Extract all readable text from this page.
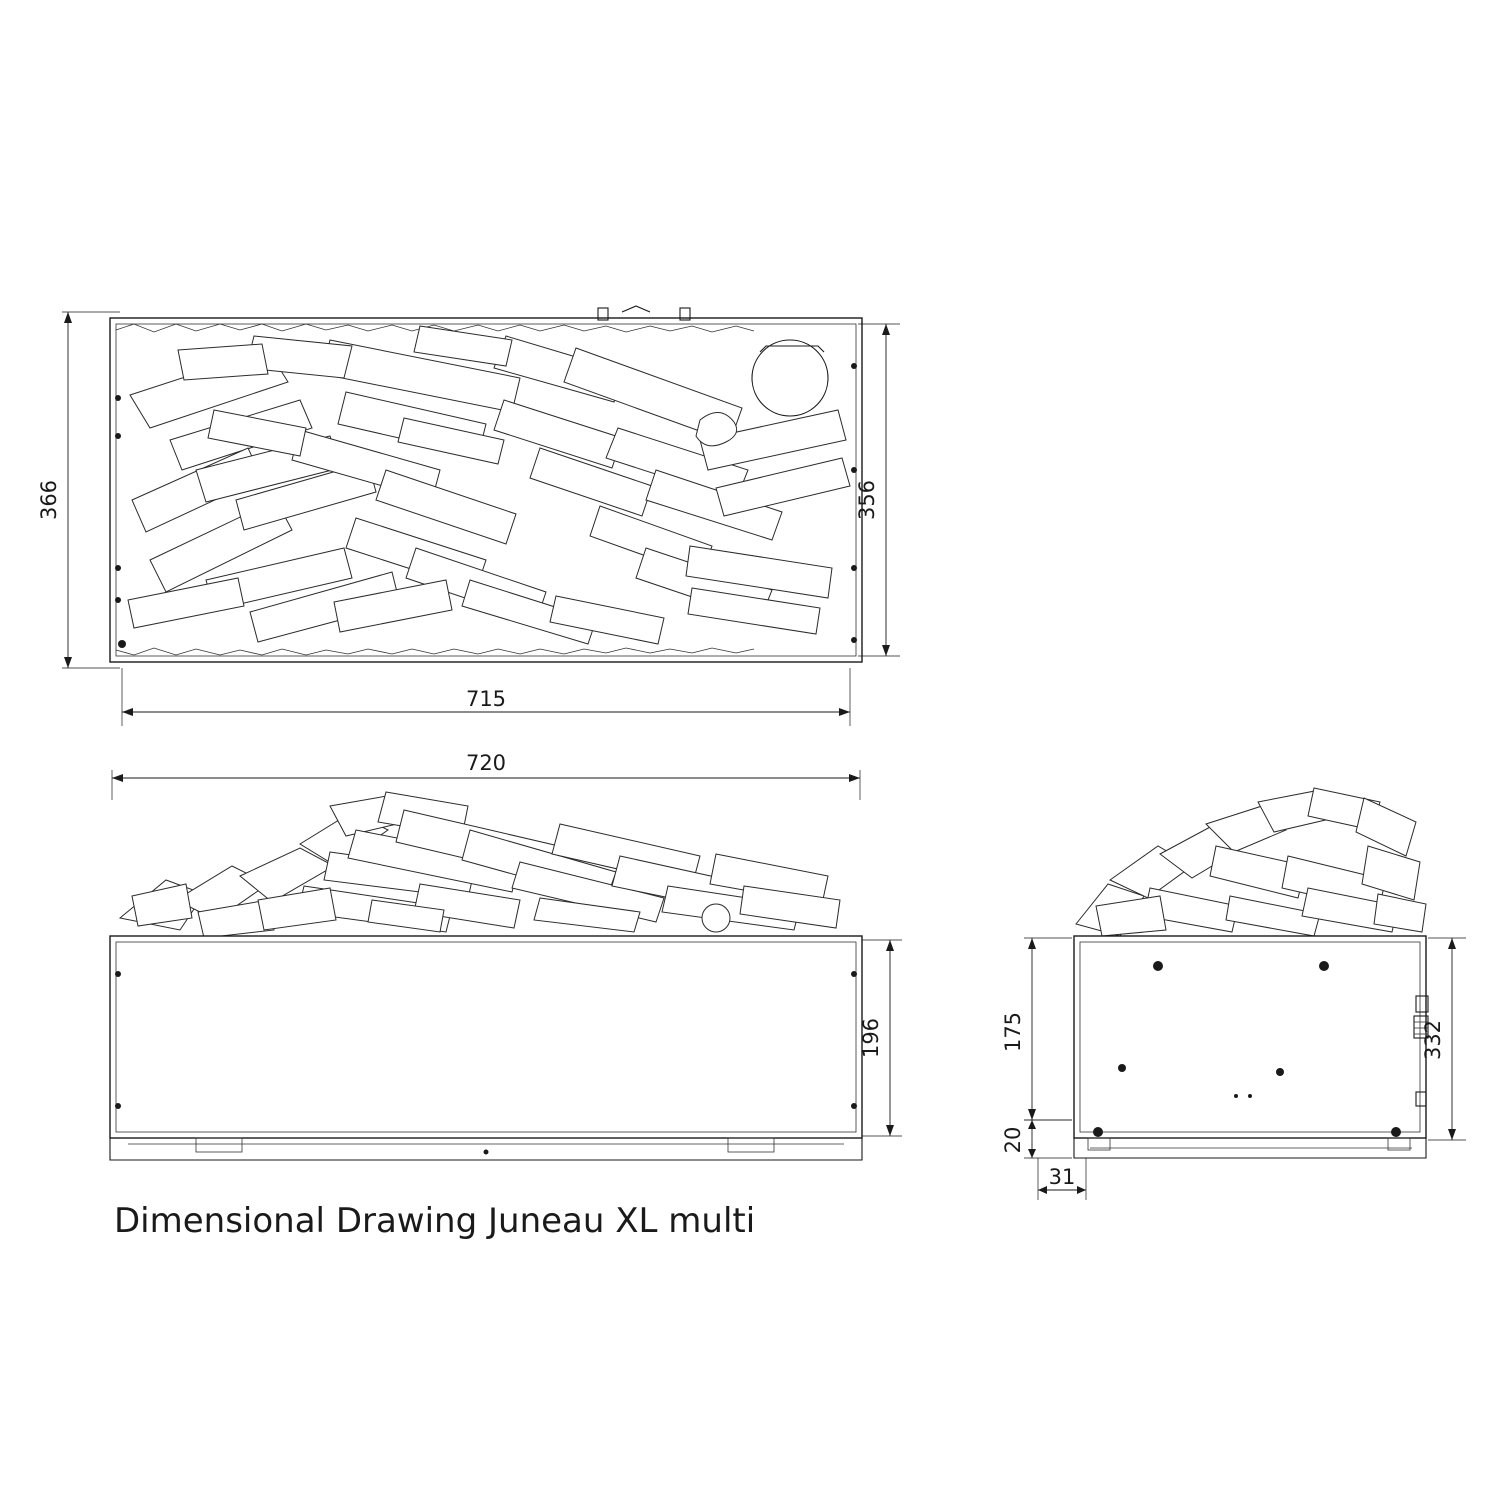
366	356
715
720
196	332
175
20
31
Dimensional Drawing Juneau XL multi
